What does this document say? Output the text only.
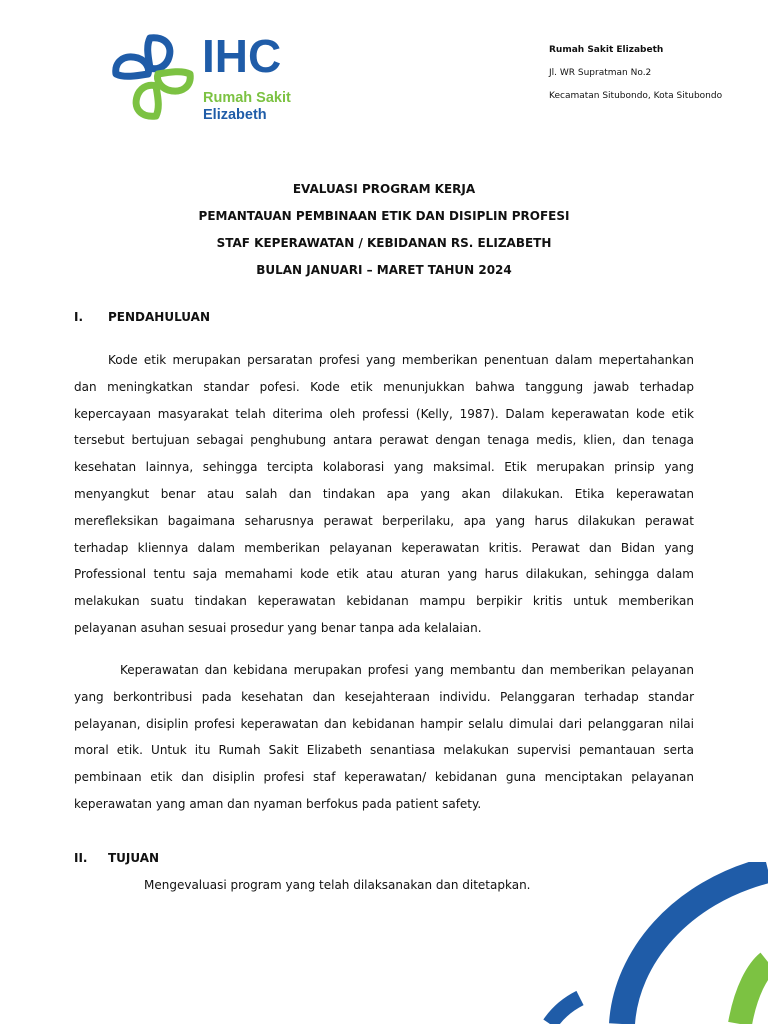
IHC
Rumah Sakit
Elizabeth
Rumah Sakit Elizabeth
Jl. WR Supratman No.2
Kecamatan Situbondo, Kota Situbondo
EVALUASI PROGRAM KERJA
PEMANTAUAN PEMBINAAN ETIK DAN DISIPLIN PROFESI
STAF KEPERAWATAN / KEBIDANAN RS. ELIZABETH
BULAN JANUARI – MARET TAHUN 2024
I. PENDAHULUAN
Kode etik merupakan persaratan profesi yang memberikan penentuan dalam mepertahankan dan meningkatkan standar pofesi. Kode etik menunjukkan bahwa tanggung jawab terhadap kepercayaan masyarakat telah diterima oleh professi (Kelly, 1987). Dalam keperawatan kode etik tersebut bertujuan sebagai penghubung antara perawat dengan tenaga medis, klien, dan tenaga kesehatan lainnya, sehingga tercipta kolaborasi yang maksimal. Etik merupakan prinsip yang menyangkut benar atau salah dan tindakan apa yang akan dilakukan. Etika keperawatan merefleksikan bagaimana seharusnya perawat berperilaku, apa yang harus dilakukan perawat terhadap kliennya dalam memberikan pelayanan keperawatan kritis. Perawat dan Bidan yang Professional tentu saja memahami kode etik atau aturan yang harus dilakukan, sehingga dalam melakukan suatu tindakan keperawatan kebidanan mampu berpikir kritis untuk memberikan pelayanan asuhan sesuai prosedur yang benar tanpa ada kelalaian.
Keperawatan dan kebidana merupakan profesi yang membantu dan memberikan pelayanan yang berkontribusi pada kesehatan dan kesejahteraan individu. Pelanggaran terhadap standar pelayanan, disiplin profesi keperawatan dan kebidanan hampir selalu dimulai dari pelanggaran nilai moral etik. Untuk itu Rumah Sakit Elizabeth senantiasa melakukan supervisi pemantauan serta pembinaan etik dan disiplin profesi staf keperawatan/ kebidanan guna menciptakan pelayanan keperawatan yang aman dan nyaman berfokus pada patient safety.
II. TUJUAN
Mengevaluasi program yang telah dilaksanakan dan ditetapkan.
